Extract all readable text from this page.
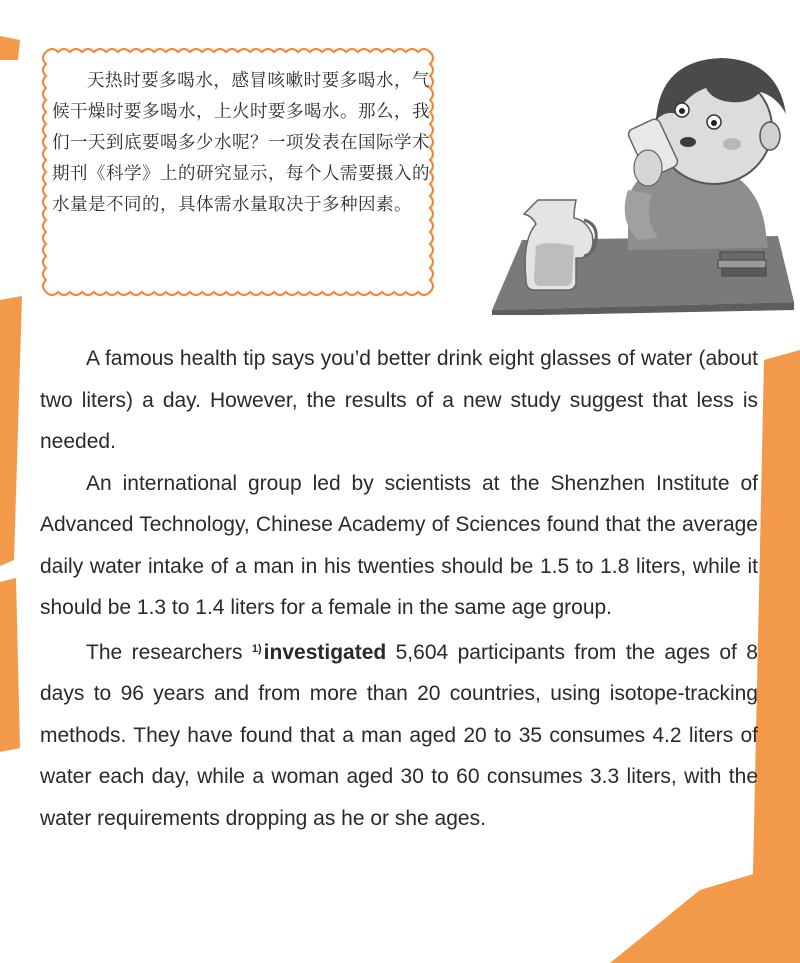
天热时要多喝水，感冒咳嗽时要多喝水，气候干燥时要多喝水，上火时要多喝水。那么，我们一天到底要喝多少水呢？一项发表在国际学术期刊《科学》上的研究显示，每个人需要摄入的水量是不同的，具体需水量取决于多种因素。

A famous health tip says you’d better drink eight glasses of water (about two liters) a day. However, the results of a new study suggest that less is needed.

An international group led by scientists at the Shenzhen Institute of Advanced Technology, Chinese Academy of Sciences found that the average daily water intake of a man in his twenties should be 1.5 to 1.8 liters, while it should be 1.3 to 1.4 liters for a female in the same age group.

The researchers $^{1)}$investigated 5,604 participants from the ages of 8 days to 96 years and from more than 20 countries, using isotope-tracking methods. They have found that a man aged 20 to 35 consumes 4.2 liters of water each day, while a woman aged 30 to 60 consumes 3.3 liters, with the water requirements dropping as he or she ages.
